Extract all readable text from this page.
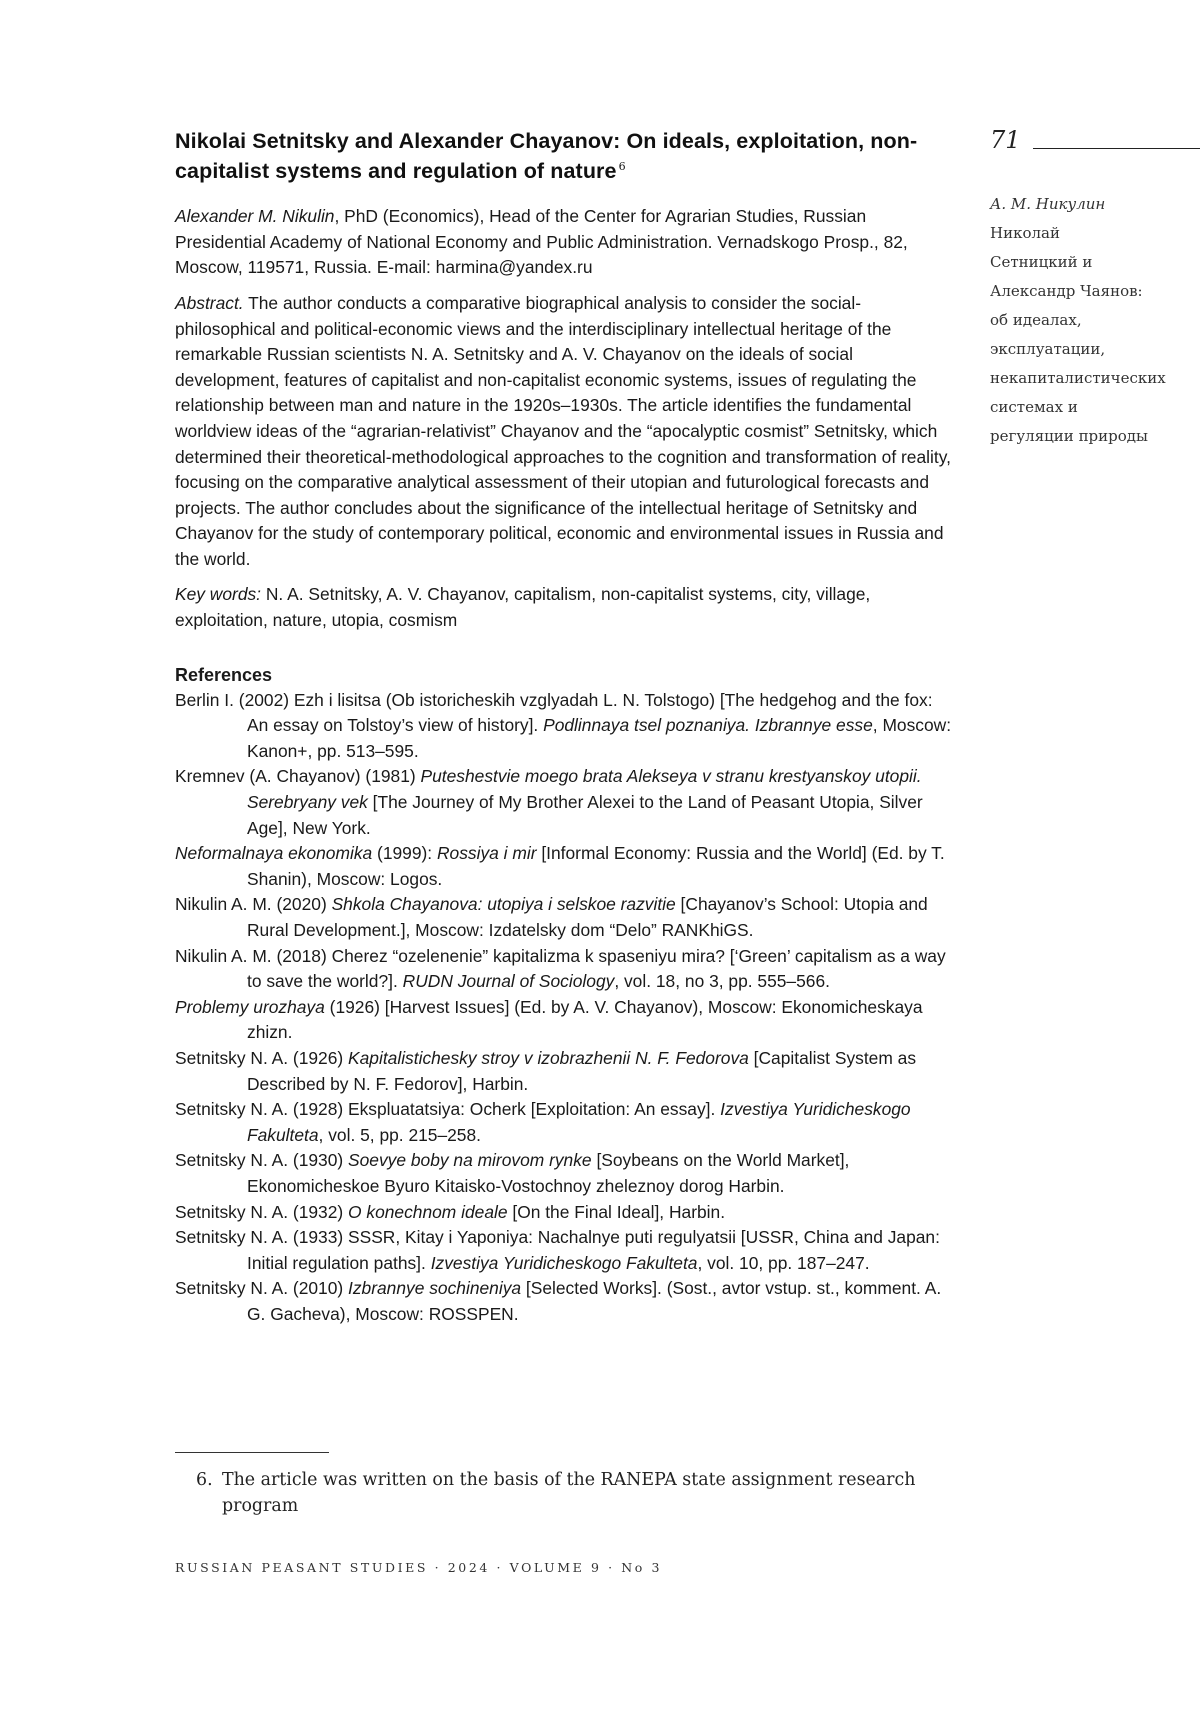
Nikolai Setnitsky and Alexander Chayanov: On ideals, exploitation, non-capitalist systems and regulation of nature $^6$

Alexander M. Nikulin, PhD (Economics), Head of the Center for Agrarian Studies, Russian Presidential Academy of National Economy and Public Administration. Vernadskogo Prosp., 82, Moscow, 119571, Russia. E-mail: harmina@yandex.ru

Abstract. The author conducts a comparative biographical analysis to consider the social-philosophical and political-economic views and the interdisciplinary intellectual heritage of the remarkable Russian scientists N. A. Setnitsky and A. V. Chayanov on the ideals of social development, features of capitalist and non-capitalist economic systems, issues of regulating the relationship between man and nature in the 1920s–1930s. The article identifies the fundamental worldview ideas of the “agrarian-relativist” Chayanov and the “apocalyptic cosmist” Setnitsky, which determined their theoretical-methodological approaches to the cognition and transformation of reality, focusing on the comparative analytical assessment of their utopian and futurological forecasts and projects. The author concludes about the significance of the intellectual heritage of Setnitsky and Chayanov for the study of contemporary political, economic and environmental issues in Russia and the world.

Key words: N. A. Setnitsky, A. V. Chayanov, capitalism, non-capitalist systems, city, village, exploitation, nature, utopia, cosmism

References

Berlin I. (2002) Ezh i lisitsa (Ob istoricheskih vzglyadah L. N. Tolstogo) [The hedgehog and the fox: An essay on Tolstoy’s view of history]. Podlinnaya tsel poznaniya. Izbrannye esse, Moscow: Kanon+, pp. 513–595.

Kremnev (A. Chayanov) (1981) Puteshestvie moego brata Alekseya v stranu krestyanskoy utopii. Serebryany vek [The Journey of My Brother Alexei to the Land of Peasant Utopia, Silver Age], New York.

Neformalnaya ekonomika (1999): Rossiya i mir [Informal Economy: Russia and the World] (Ed. by T. Shanin), Moscow: Logos.

Nikulin A. M. (2020) Shkola Chayanova: utopiya i selskoe razvitie [Chayanov’s School: Utopia and Rural Development.], Moscow: Izdatelsky dom “Delo” RANKhiGS.

Nikulin A. M. (2018) Cherez “ozelenenie” kapitalizma k spaseniyu mira? [‘Green’ capitalism as a way to save the world?]. RUDN Journal of Sociology, vol. 18, no 3, pp. 555–566.

Problemy urozhaya (1926) [Harvest Issues] (Ed. by A. V. Chayanov), Moscow: Ekonomicheskaya zhizn.

Setnitsky N. A. (1926) Kapitalistichesky stroy v izobrazhenii N. F. Fedorova [Capitalist System as Described by N. F. Fedorov], Harbin.

Setnitsky N. A. (1928) Ekspluatatsiya: Ocherk [Exploitation: An essay]. Izvestiya Yuridicheskogo Fakulteta, vol. 5, pp. 215–258.

Setnitsky N. A. (1930) Soevye boby na mirovom rynke [Soybeans on the World Market], Ekonomicheskoe Byuro Kitaisko-Vostochnoy zheleznoy dorog Harbin.

Setnitsky N. A. (1932) O konechnom ideale [On the Final Ideal], Harbin.

Setnitsky N. A. (1933) SSSR, Kitay i Yaponiya: Nachalnye puti regulyatsii [USSR, China and Japan: Initial regulation paths]. Izvestiya Yuridicheskogo Fakulteta, vol. 10, pp. 187–247.

Setnitsky N. A. (2010) Izbrannye sochineniya [Selected Works]. (Sost., avtor vstup. st., komment. A. G. Gacheva), Moscow: ROSSPEN.

71
А. М. Никулин
Николай Сетницкий и Александр Чаянов: об идеалах, эксплуатации, некапиталистических системах и регуляции природы
6. The article was written on the basis of the RANEPA state assignment research program
RUSSIAN PEASANT STUDIES · 2024 · VOLUME 9 · No 3
